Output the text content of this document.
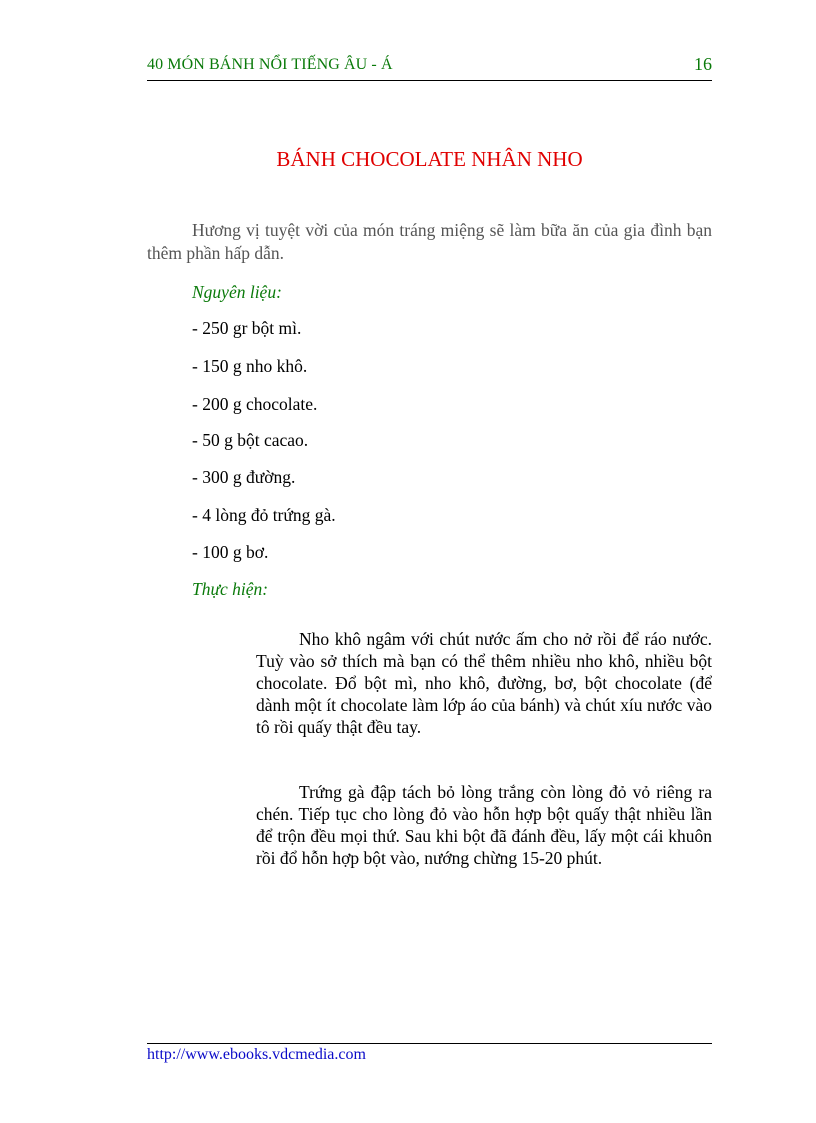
40 MÓN BÁNH NỔI TIẾNG ÂU - Á	16
BÁNH CHOCOLATE NHÂN NHO

Hương vị tuyệt vời của món tráng miệng sẽ làm bữa ăn của gia đình bạn thêm phần hấp dẫn.

Nguyên liệu:
- 250 gr bột mì.
- 150 g nho khô.
- 200 g chocolate.
- 50 g bột cacao.
- 300 g đường.
- 4 lòng đỏ trứng gà.
- 100 g bơ.
Thực hiện:

Nho khô ngâm với chút nước ấm cho nở rồi để ráo nước. Tuỳ vào sở thích mà bạn có thể thêm nhiều nho khô, nhiều bột chocolate. Đổ bột mì, nho khô, đường, bơ, bột chocolate (để dành một ít chocolate làm lớp áo của bánh) và chút xíu nước vào tô rồi quấy thật đều tay.

Trứng gà đập tách bỏ lòng trắng còn lòng đỏ vỏ riêng ra chén. Tiếp tục cho lòng đỏ vào hỗn hợp bột quấy thật nhiều lần để trộn đều mọi thứ. Sau khi bột đã đánh đều, lấy một cái khuôn rồi đổ hỗn hợp bột vào, nướng chừng 15-20 phút.

http://www.ebooks.vdcmedia.com
